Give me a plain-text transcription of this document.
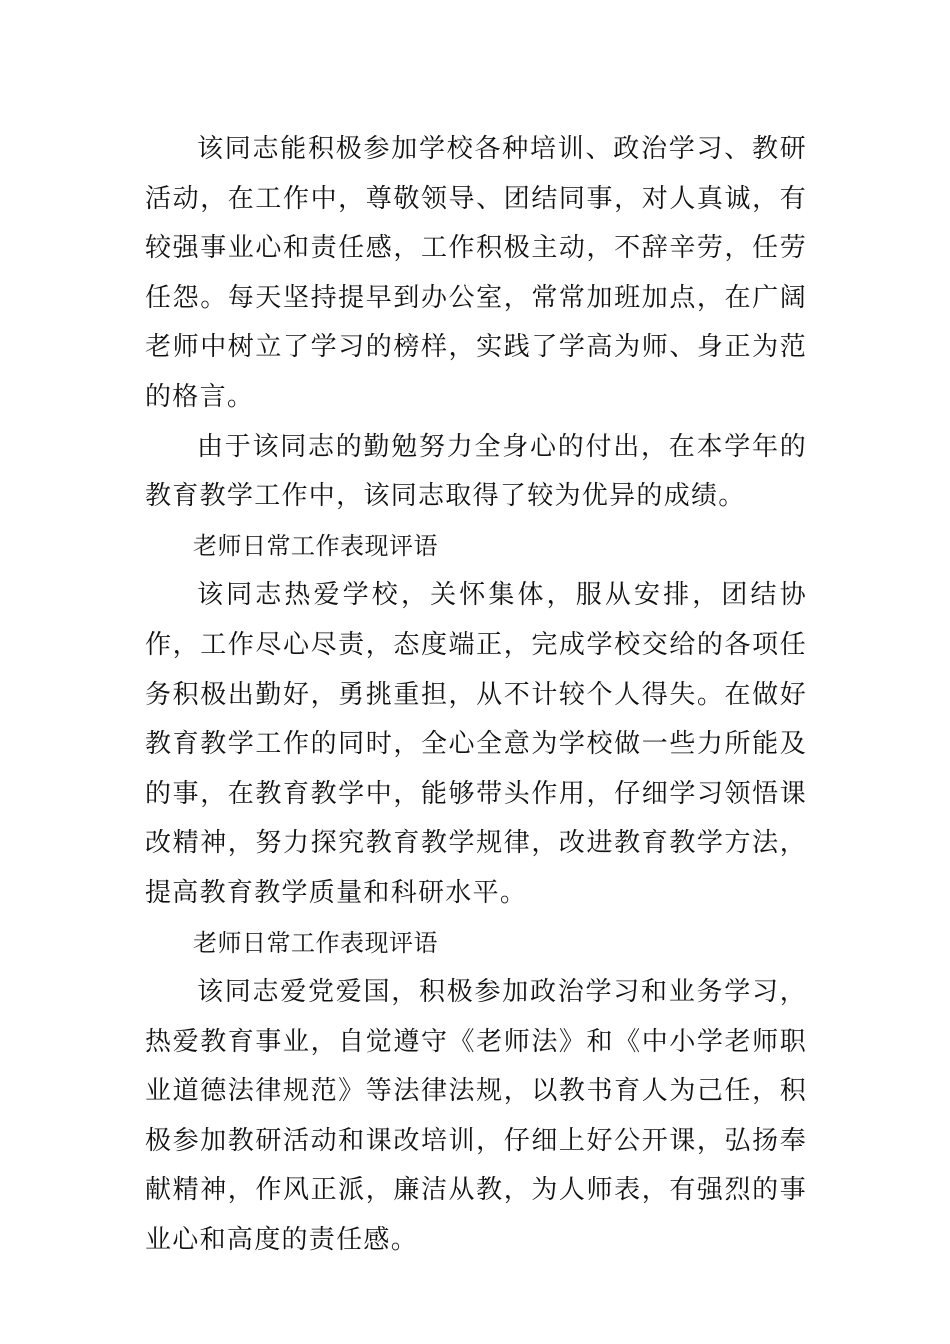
该同志能积极参加学校各种培训、政治学习、教研活动，在工作中，尊敬领导、团结同事，对人真诚，有较强事业心和责任感，工作积极主动，不辞辛劳，任劳任怨。每天坚持提早到办公室，常常加班加点，在广阔老师中树立了学习的榜样，实践了学高为师、身正为范的格言。

由于该同志的勤勉努力全身心的付出，在本学年的教育教学工作中，该同志取得了较为优异的成绩。

老师日常工作表现评语

该同志热爱学校，关怀集体，服从安排，团结协作，工作尽心尽责，态度端正，完成学校交给的各项任务积极出勤好，勇挑重担，从不计较个人得失。在做好教育教学工作的同时，全心全意为学校做一些力所能及的事，在教育教学中，能够带头作用，仔细学习领悟课改精神，努力探究教育教学规律，改进教育教学方法，提高教育教学质量和科研水平。

老师日常工作表现评语

该同志爱党爱国，积极参加政治学习和业务学习，热爱教育事业，自觉遵守《老师法》和《中小学老师职业道德法律规范》等法律法规，以教书育人为己任，积极参加教研活动和课改培训，仔细上好公开课，弘扬奉献精神，作风正派，廉洁从教，为人师表，有强烈的事业心和高度的责任感。
